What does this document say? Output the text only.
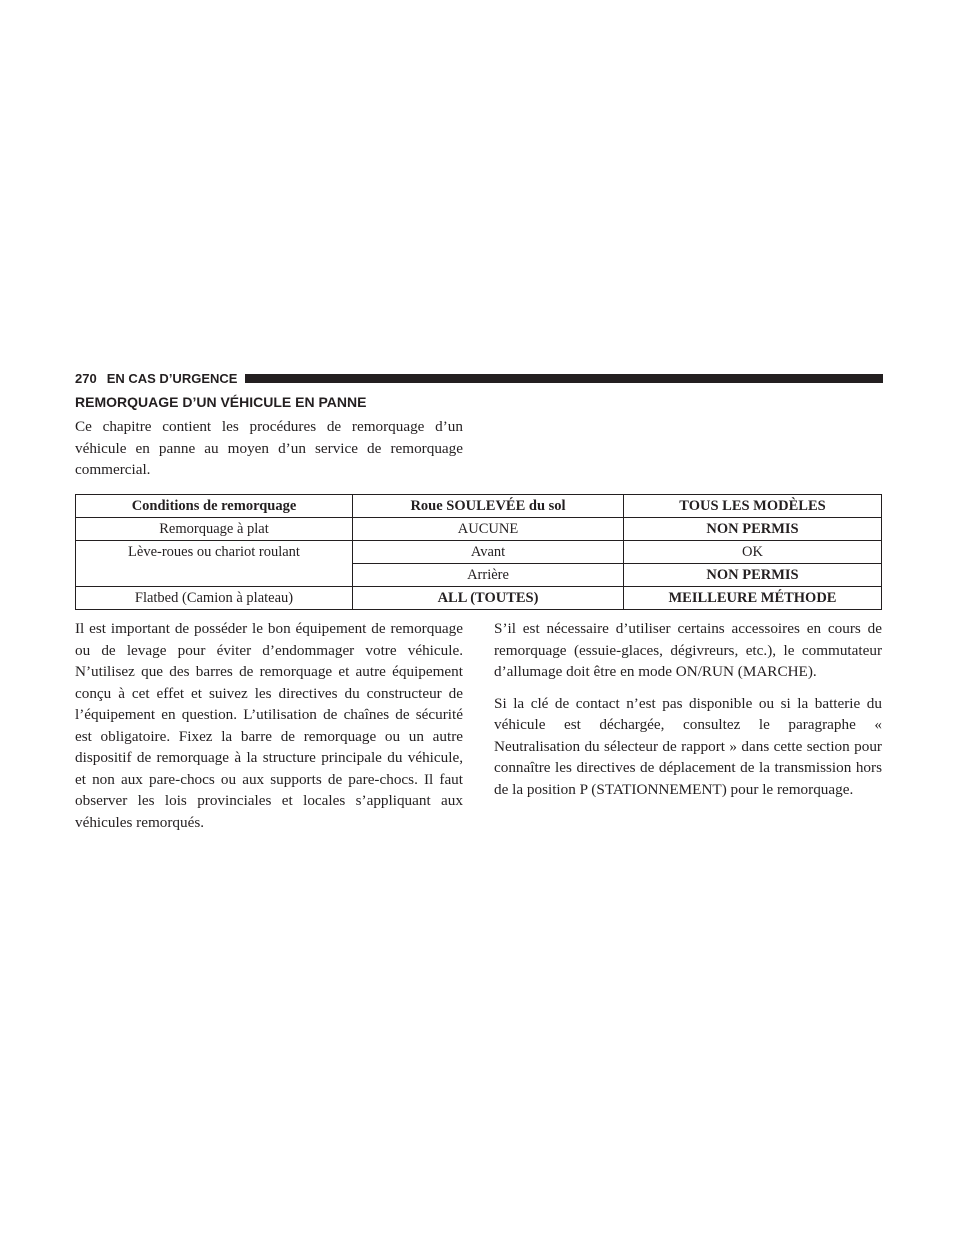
270 EN CAS D’URGENCE
REMORQUAGE D’UN VÉHICULE EN PANNE

Ce chapitre contient les procédures de remorquage d’un véhicule en panne au moyen d’un service de remorquage commercial.

Conditions de remorquage	Roue SOULEVÉE du sol	TOUS LES MODÈLES
Remorquage à plat	AUCUNE	NON PERMIS
Lève-roues ou chariot roulant	Avant	OK
	Arrière	NON PERMIS
Flatbed (Camion à plateau)	ALL (TOUTES)	MEILLEURE MÉTHODE

Il est important de posséder le bon équipement de remorquage ou de levage pour éviter d’endommager votre véhicule. N’utilisez que des barres de remorquage et autre équipement conçu à cet effet et suivez les directives du constructeur de l’équipement en question. L’utilisation de chaînes de sécurité est obligatoire. Fixez la barre de remorquage ou un autre dispositif de remorquage à la structure principale du véhicule, et non aux pare-chocs ou aux supports de pare-chocs. Il faut observer les lois provinciales et locales s’appliquant aux véhicules remorqués.

S’il est nécessaire d’utiliser certains accessoires en cours de remorquage (essuie-glaces, dégivreurs, etc.), le commutateur d’allumage doit être en mode ON/RUN (MARCHE).

Si la clé de contact n’est pas disponible ou si la batterie du véhicule est déchargée, consultez le paragraphe « Neutralisation du sélecteur de rapport » dans cette section pour connaître les directives de déplacement de la transmission hors de la position P (STATIONNEMENT) pour le remorquage.
